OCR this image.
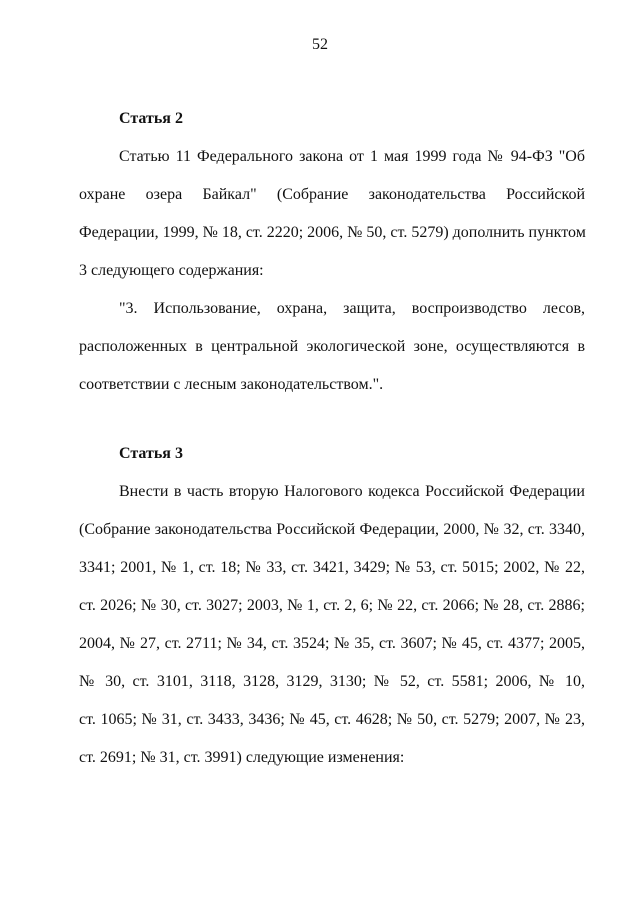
52

Статья 2

Статью 11 Федерального закона от 1 мая 1999 года № 94-ФЗ "Об

охране озера Байкал" (Собрание законодательства Российской

Федерации, 1999, № 18, ст. 2220; 2006, № 50, ст. 5279) дополнить пунктом

3 следующего содержания:

"3. Использование, охрана, защита, воспроизводство лесов,

расположенных в центральной экологической зоне, осуществляются в

соответствии с лесным законодательством.".

Статья 3

Внести в часть вторую Налогового кодекса Российской Федерации

(Собрание законодательства Российской Федерации, 2000, № 32, ст. 3340,

3341; 2001, № 1, ст. 18; № 33, ст. 3421, 3429; № 53, ст. 5015; 2002, № 22,

ст. 2026; № 30, ст. 3027; 2003, № 1, ст. 2, 6; № 22, ст. 2066; № 28, ст. 2886;

2004, № 27, ст. 2711; № 34, ст. 3524; № 35, ст. 3607; № 45, ст. 4377; 2005,

№ 30, ст. 3101, 3118, 3128, 3129, 3130; № 52, ст. 5581; 2006, № 10,

ст. 1065; № 31, ст. 3433, 3436; № 45, ст. 4628; № 50, ст. 5279; 2007, № 23,

ст. 2691; № 31, ст. 3991) следующие изменения:
